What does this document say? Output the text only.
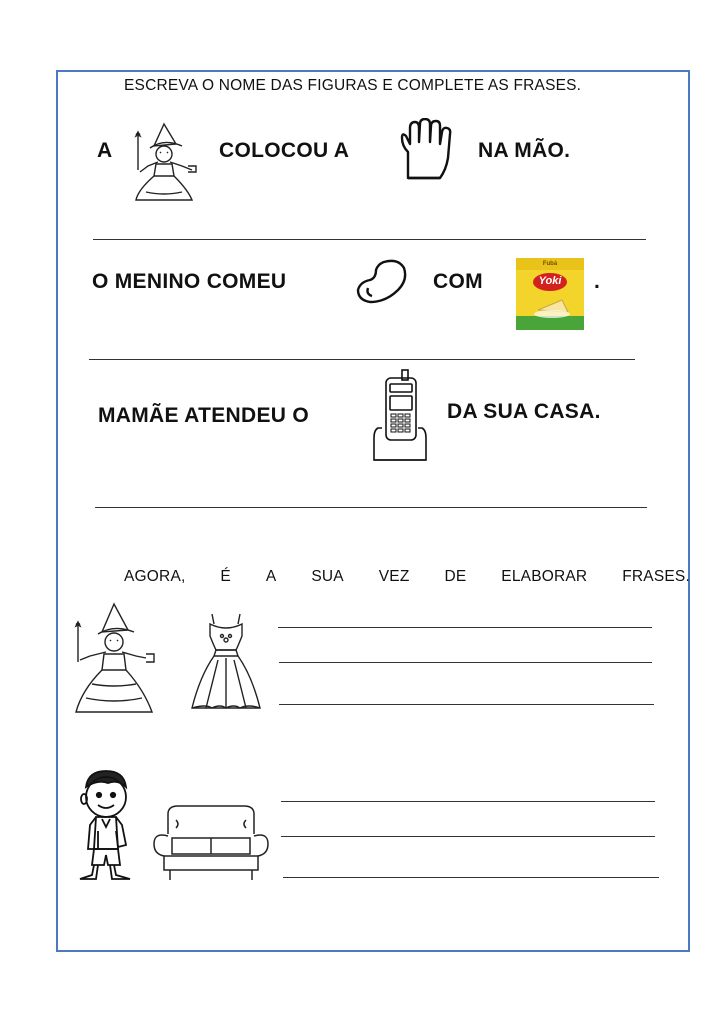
ESCREVA O NOME DAS FIGURAS E COMPLETE AS FRASES.
A	COLOCOU A	NA MÃO.
O MENINO COMEU	COM
Fubá
Yoki	.
MAMÃE ATENDEU O	DA SUA CASA.
AGORA, É A SUA VEZ DE ELABORAR FRASES.
